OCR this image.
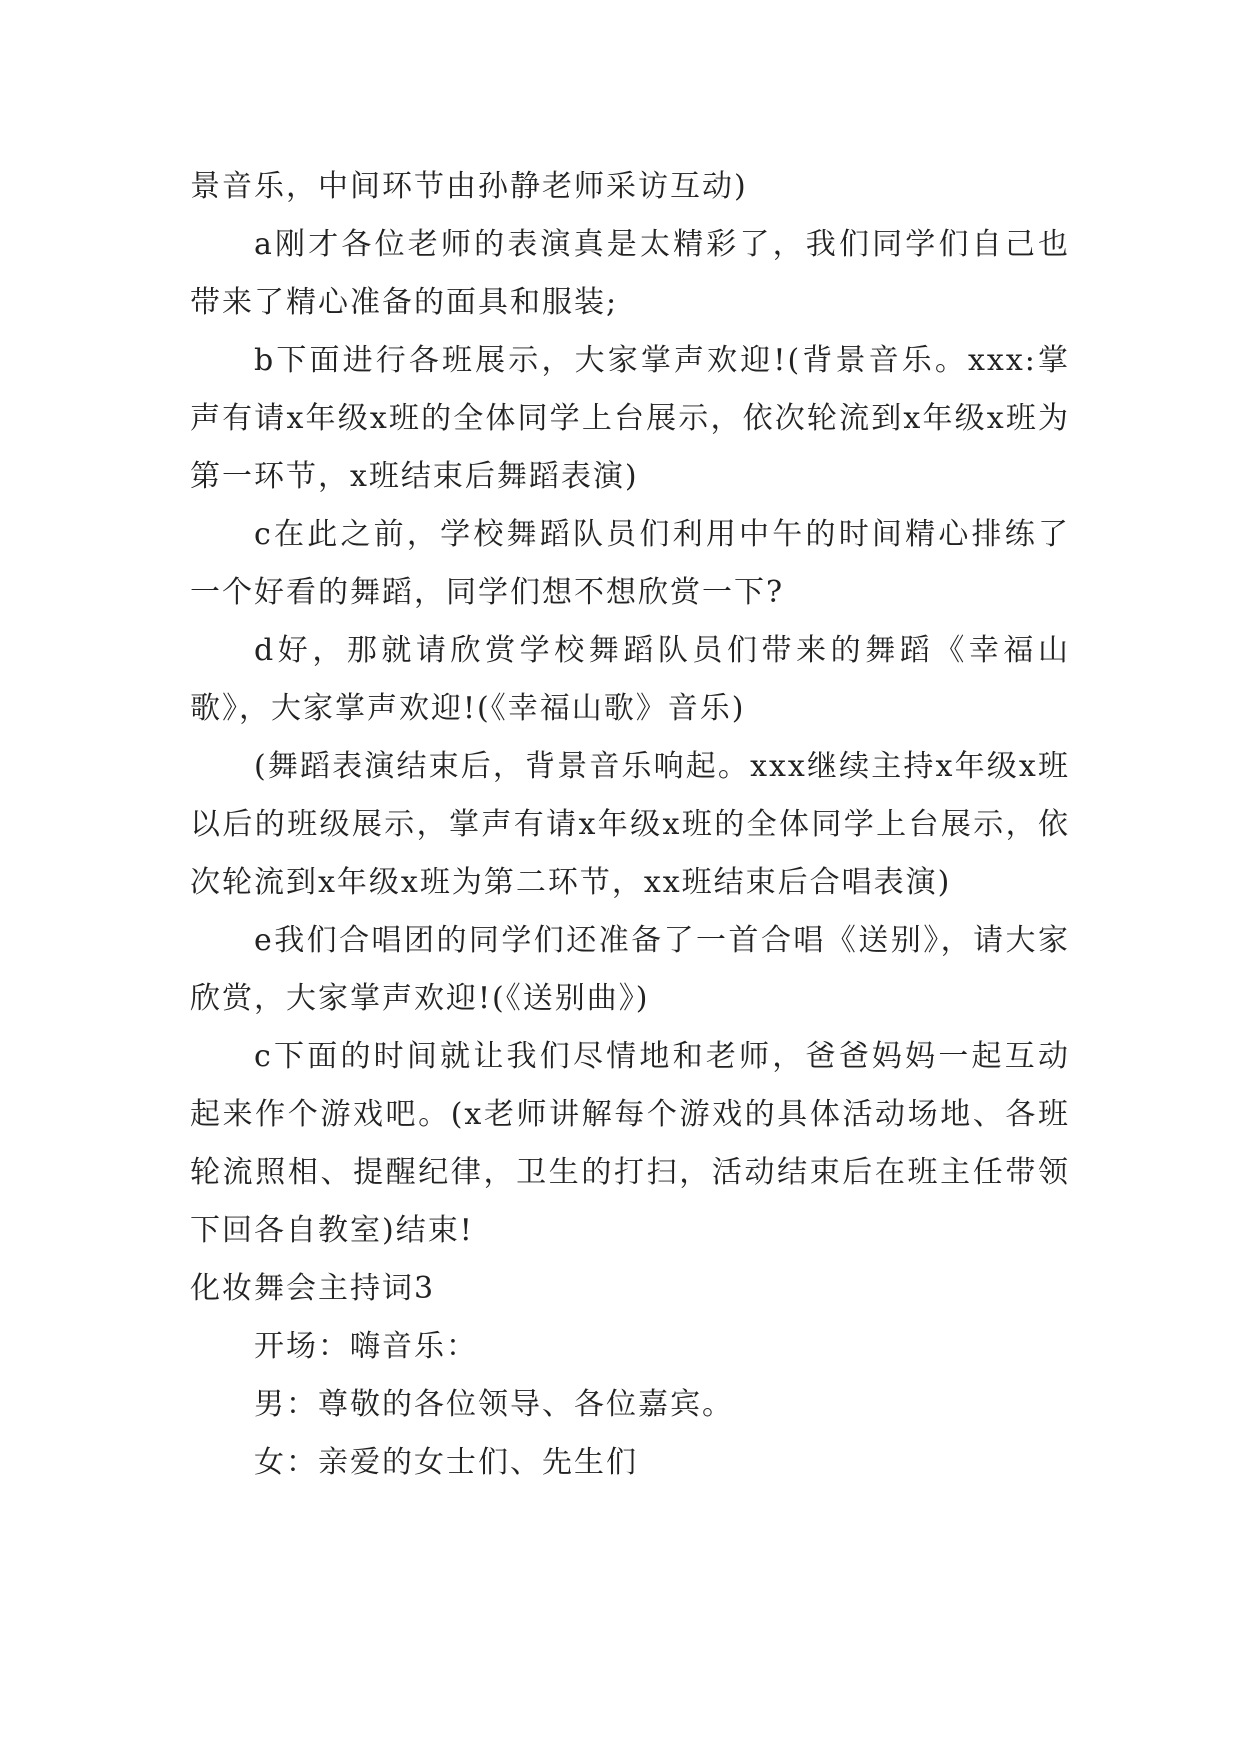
景音乐，中间环节由孙静老师采访互动)

a刚才各位老师的表演真是太精彩了，我们同学们自己也带来了精心准备的面具和服装;

b下面进行各班展示，大家掌声欢迎!(背景音乐。xxx:掌声有请x年级x班的全体同学上台展示，依次轮流到x年级x班为第一环节，x班结束后舞蹈表演)

c在此之前，学校舞蹈队员们利用中午的时间精心排练了一个好看的舞蹈，同学们想不想欣赏一下?

d好，那就请欣赏学校舞蹈队员们带来的舞蹈《幸福山歌》，大家掌声欢迎!(《幸福山歌》音乐)

(舞蹈表演结束后，背景音乐响起。xxx继续主持x年级x班以后的班级展示，掌声有请x年级x班的全体同学上台展示，依次轮流到x年级x班为第二环节，xx班结束后合唱表演)

e我们合唱团的同学们还准备了一首合唱《送别》，请大家欣赏，大家掌声欢迎!(《送别曲》)

c下面的时间就让我们尽情地和老师，爸爸妈妈一起互动起来作个游戏吧。(x老师讲解每个游戏的具体活动场地、各班轮流照相、提醒纪律，卫生的打扫，活动结束后在班主任带领下回各自教室)结束!

化妆舞会主持词3

开场：嗨音乐：

男：尊敬的各位领导、各位嘉宾。

女：亲爱的女士们、先生们
